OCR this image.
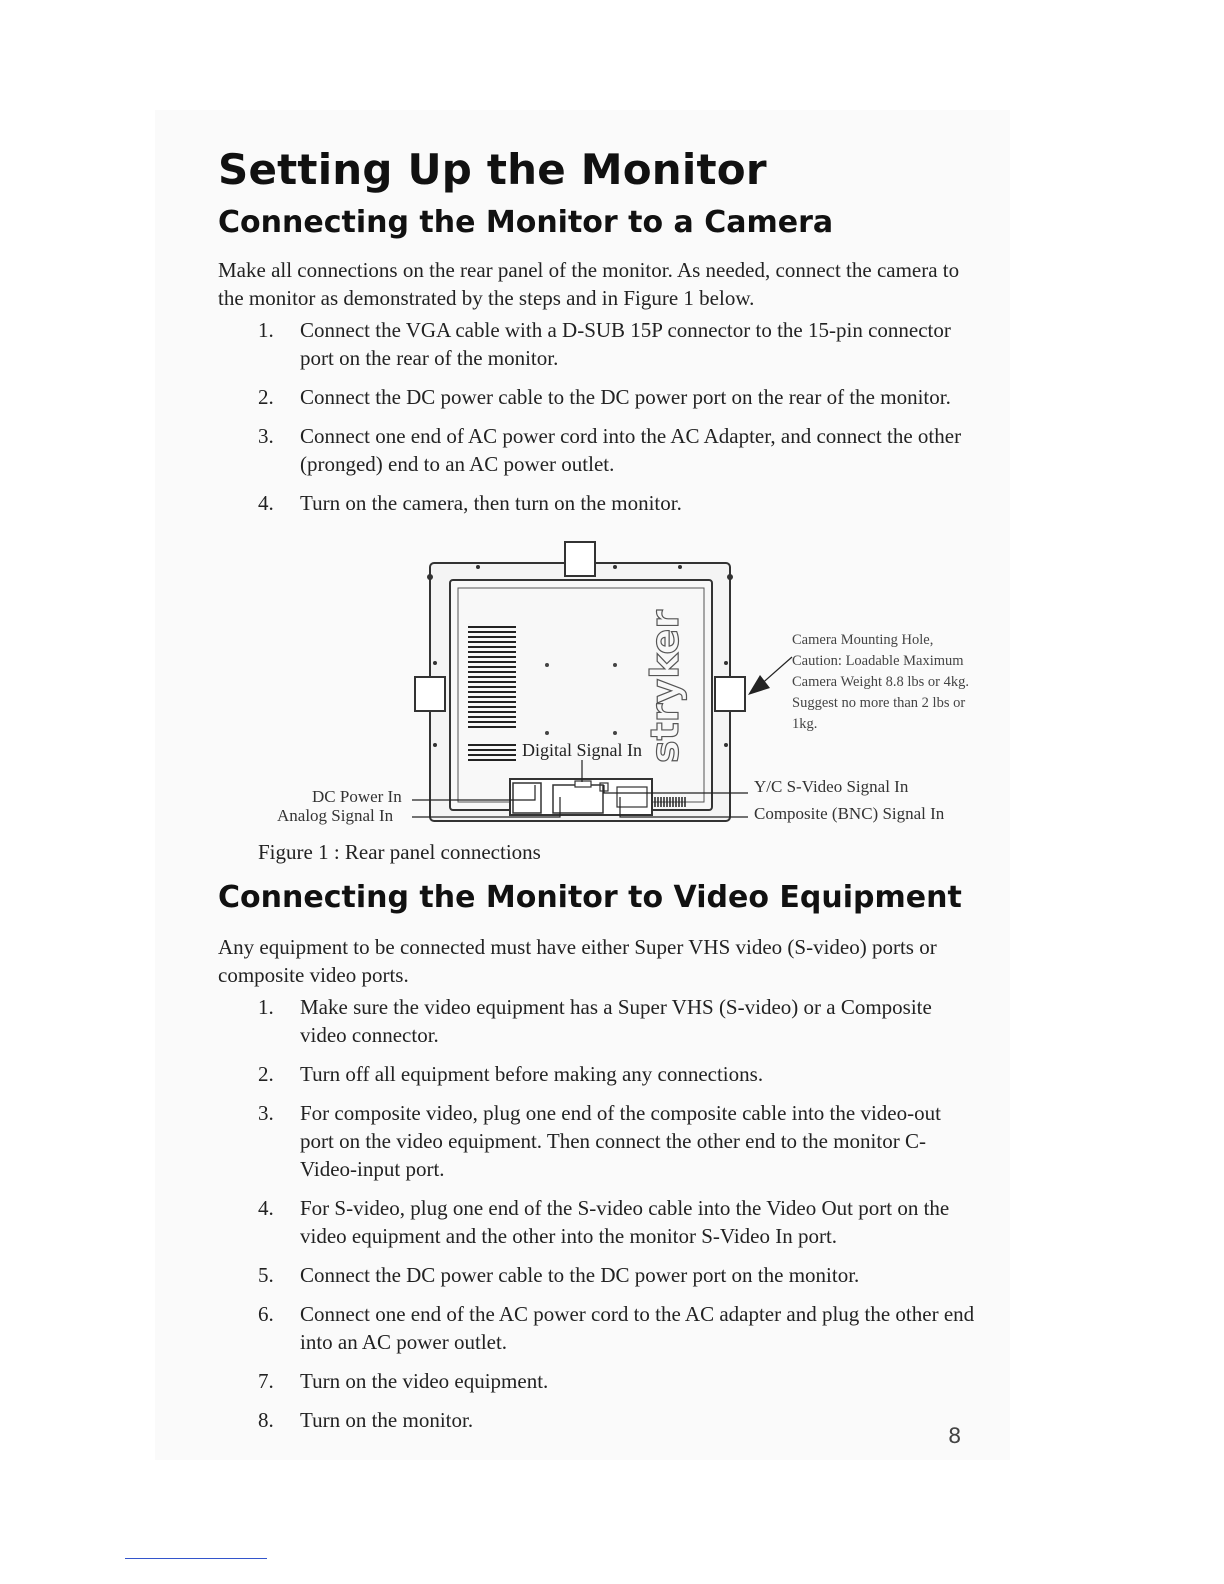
Setting Up the Monitor
Connecting the Monitor to a Camera

Make all connections on the rear panel of the monitor. As needed, connect the camera to the monitor as demonstrated by the steps and in Figure 1 below.

1. Connect the VGA cable with a D-SUB 15P connector to the 15-pin connector port on the rear of the monitor.
2. Connect the DC power cable to the DC power port on the rear of the monitor.
3. Connect one end of AC power cord into the AC Adapter, and connect the other (pronged) end to an AC power outlet.
4. Turn on the camera, then turn on the monitor.
stryker
Digital Signal In
DC Power In
Analog Signal In
Y/C S-Video Signal In
Composite (BNC) Signal In
Camera Mounting Hole, Caution: Loadable Maximum Camera Weight 8.8 lbs or 4kg. Suggest no more than 2 lbs or 1kg.
Figure 1 : Rear panel connections
Connecting the Monitor to Video Equipment

Any equipment to be connected must have either Super VHS video (S-video) ports or composite video ports.

1. Make sure the video equipment has a Super VHS (S-video) or a Composite video connector.
2. Turn off all equipment before making any connections.
3. For composite video, plug one end of the composite cable into the video-out port on the video equipment. Then connect the other end to the monitor C-Video-input port.
4. For S-video, plug one end of the S-video cable into the Video Out port on the video equipment and the other into the monitor S-Video In port.
5. Connect the DC power cable to the DC power port on the monitor.
6. Connect one end of the AC power cord to the AC adapter and plug the other end into an AC power outlet.
7. Turn on the video equipment.
8. Turn on the monitor.
8
